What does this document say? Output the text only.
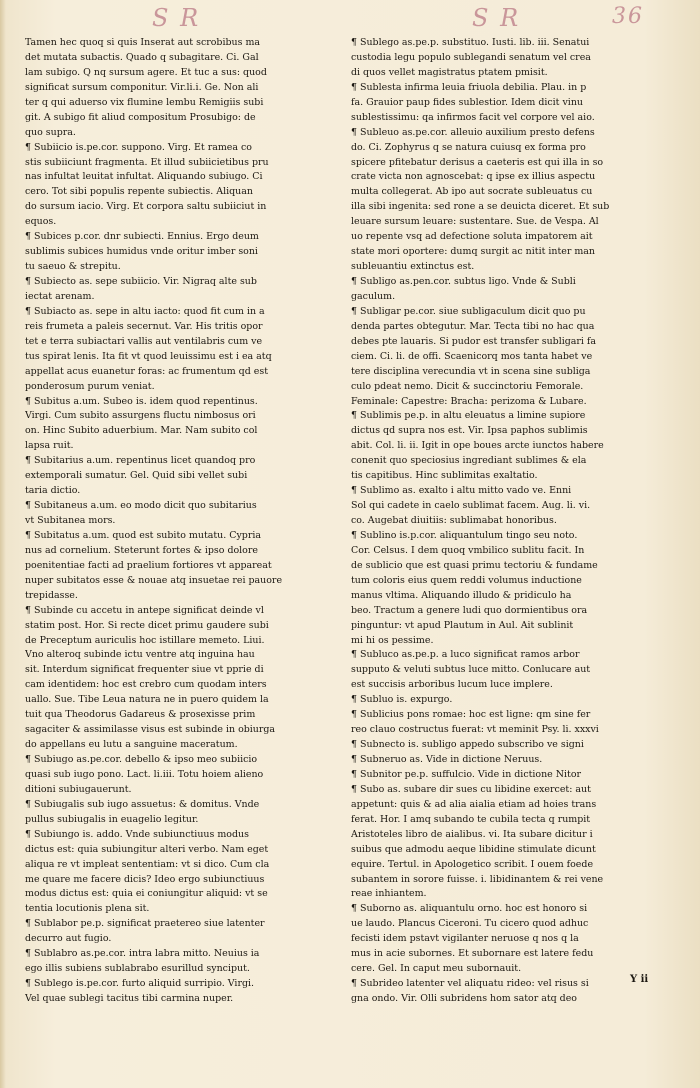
S R	S R	36
Tamen hec quoq si quis Inserat aut scrobibus ma
det mutata subactis. Quado q subagitare. Ci. Gal
lam subigo. Q nq sursum agere. Et tuc a sus: quod
significat sursum componitur. Vir.li.i. Ge. Non ali
ter q qui aduerso vix flumine lembu Remigiis subi
git. A subigo fit aliud compositum Prosubigo: de
quo supra.
¶ Subiicio is.pe.cor. suppono. Virg. Et ramea co
stis subiiciunt fragmenta. Et illud subiicietibus pru
nas infultat leuitat infultat. Aliquando subiugo. Ci
cero. Tot sibi populis repente subiectis. Aliquan
do sursum iacio. Virg. Et corpora saltu subiiciut in
equos.
¶ Subices p.cor. dnr subiecti. Ennius. Ergo deum
sublimis subices humidus vnde oritur imber soni
tu saeuo & strepitu.
¶ Subiecto as. sepe subiicio. Vir. Nigraq alte sub
iectat arenam.
¶ Subiacto as. sepe in altu iacto: quod fit cum in a
reis frumeta a paleis secernut. Var. His tritis opor
tet e terra subiactari vallis aut ventilabris cum ve
tus spirat lenis. Ita fit vt quod leuissimu est i ea atq
appellat acus euanetur foras: ac frumentum qd est
ponderosum purum veniat.
¶ Subitus a.um. Subeo is. idem quod repentinus.
Virgi. Cum subito assurgens fluctu nimbosus ori
on. Hinc Subito aduerbium. Mar. Nam subito col
lapsa ruit.
¶ Subitarius a.um. repentinus licet quandoq pro
extemporali sumatur. Gel. Quid sibi vellet subi
taria dictio.
¶ Subitaneus a.um. eo modo dicit quo subitarius
vt Subitanea mors.
¶ Subitatus a.um. quod est subito mutatu. Cypria
nus ad cornelium. Steterunt fortes & ipso dolore
poenitentiae facti ad praelium fortiores vt appareat
nuper subitatos esse & nouae atq insuetae rei pauore
trepidasse.
¶ Subinde cu accetu in antepe significat deinde vl
statim post. Hor. Si recte dicet primu gaudere subi
de Preceptum auriculis hoc istillare memeto. Liui.
Vno alteroq subinde ictu ventre atq inguina hau
sit. Interdum significat frequenter siue vt pprie di
cam identidem: hoc est crebro cum quodam inters
uallo. Sue. Tibe Leua natura ne in puero quidem la
tuit qua Theodorus Gadareus & prosexisse prim
sagaciter & assimilasse visus est subinde in obiurga
do appellans eu lutu a sanguine maceratum.
¶ Subiugo as.pe.cor. debello & ipso meo subiicio
quasi sub iugo pono. Lact. li.iii. Totu hoiem alieno
ditioni subiugauerunt.
¶ Subiugalis sub iugo assuetus: & domitus. Vnde
pullus subiugalis in euagelio legitur.
¶ Subiungo is. addo. Vnde subiunctiuus modus
dictus est: quia subiungitur alteri verbo. Nam eget
aliqua re vt impleat sententiam: vt si dico. Cum cla
me quare me facere dicis? Ideo ergo subiunctiuus
modus dictus est: quia ei coniungitur aliquid: vt se
tentia locutionis plena sit.
¶ Sublabor pe.p. significat praetereo siue latenter
decurro aut fugio.
¶ Sublabro as.pe.cor. intra labra mitto. Neuius ia
ego illis subiens sublabrabo esurillud synciput.
¶ Sublego is.pe.cor. furto aliquid surripio. Virgi.
Vel quae sublegi tacitus tibi carmina nuper.
¶ Sublego as.pe.p. substituo. Iusti. lib. iii. Senatui
custodia legu populo sublegandi senatum vel crea
di quos vellet magistratus ptatem pmisit.
¶ Sublesta infirma leuia friuola debilia. Plau. in p
fa. Grauior paup fides sublestior. Idem dicit vinu
sublestissimu: qa infirmos facit vel corpore vel aio.
¶ Subleuo as.pe.cor. alleuio auxilium presto defens
do. Ci. Zophyrus q se natura cuiusq ex forma pro
spicere pfitebatur derisus a caeteris est qui illa in so
crate victa non agnoscebat: q ipse ex illius aspectu
multa collegerat. Ab ipo aut socrate subleuatus cu
illa sibi ingenita: sed rone a se deuicta diceret. Et sub
leuare sursum leuare: sustentare. Sue. de Vespa. Al
uo repente vsq ad defectione soluta impatorem ait
state mori oportere: dumq surgit ac nitit inter man
subleuantiu extinctus est.
¶ Subligo as.pen.cor. subtus ligo. Vnde & Subli
gaculum.
¶ Subligar pe.cor. siue subligaculum dicit quo pu
denda partes obtegutur. Mar. Tecta tibi no hac qua
debes pte lauaris. Si pudor est transfer subligari fa
ciem. Ci. li. de offi. Scaenicorq mos tanta habet ve
tere disciplina verecundia vt in scena sine subliga
culo pdeat nemo. Dicit & succinctoriu Femorale.
Feminale: Capestre: Bracha: perizoma & Lubare.
¶ Sublimis pe.p. in altu eleuatus a limine supiore
dictus qd supra nos est. Vir. Ipsa paphos sublimis
abit. Col. li. ii. Igit in ope boues arcte iunctos habere
conenit quo speciosius ingrediant sublimes & ela
tis capitibus. Hinc sublimitas exaltatio.
¶ Sublimo as. exalto i altu mitto vado ve. Enni
Sol qui cadete in caelo sublimat facem. Aug. li. vi.
co. Augebat diuitiis: sublimabat honoribus.
¶ Sublino is.p.cor. aliquantulum tingo seu noto.
Cor. Celsus. I dem quoq vmbilico sublitu facit. In
de sublicio que est quasi primu tectoriu & fundame
tum coloris eius quem reddi volumus inductione
manus vltima. Aliquando illudo & pridiculo ha
beo. Tractum a genere ludi quo dormientibus ora
pinguntur: vt apud Plautum in Aul. Ait sublinit
mi hi os pessime.
¶ Subluco as.pe.p. a luco significat ramos arbor
supputo & veluti subtus luce mitto. Conlucare aut
est succisis arboribus lucum luce implere.
¶ Subluo is. expurgo.
¶ Sublicius pons romae: hoc est ligne: qm sine fer
reo clauo costructus fuerat: vt meminit Psy. li. xxxvi
¶ Subnecto is. subligo appedo subscribo ve signi
¶ Subneruo as. Vide in dictione Neruus.
¶ Subnitor pe.p. suffulcio. Vide in dictione Nitor
¶ Subo as. subare dir sues cu libidine exercet: aut
appetunt: quis & ad alia aialia etiam ad hoies trans
ferat. Hor. I amq subando te cubila tecta q rumpit
Aristoteles libro de aialibus. vi. Ita subare dicitur i
suibus que admodu aeque libidine stimulate dicunt
equire. Tertul. in Apologetico scribit. I ouem foede
subantem in sorore fuisse. i. libidinantem & rei vene
reae inhiantem.
¶ Suborno as. aliquantulu orno. hoc est honoro si
ue laudo. Plancus Ciceroni. Tu cicero quod adhuc
fecisti idem pstavt vigilanter neruose q nos q la
mus in acie subornes. Et subornare est latere fedu
cere. Gel. In caput meu subornauit.
¶ Subrideo latenter vel aliquatu rideo: vel risus si
gna ondo. Vir. Olli subridens hom sator atq deo
Y ii
